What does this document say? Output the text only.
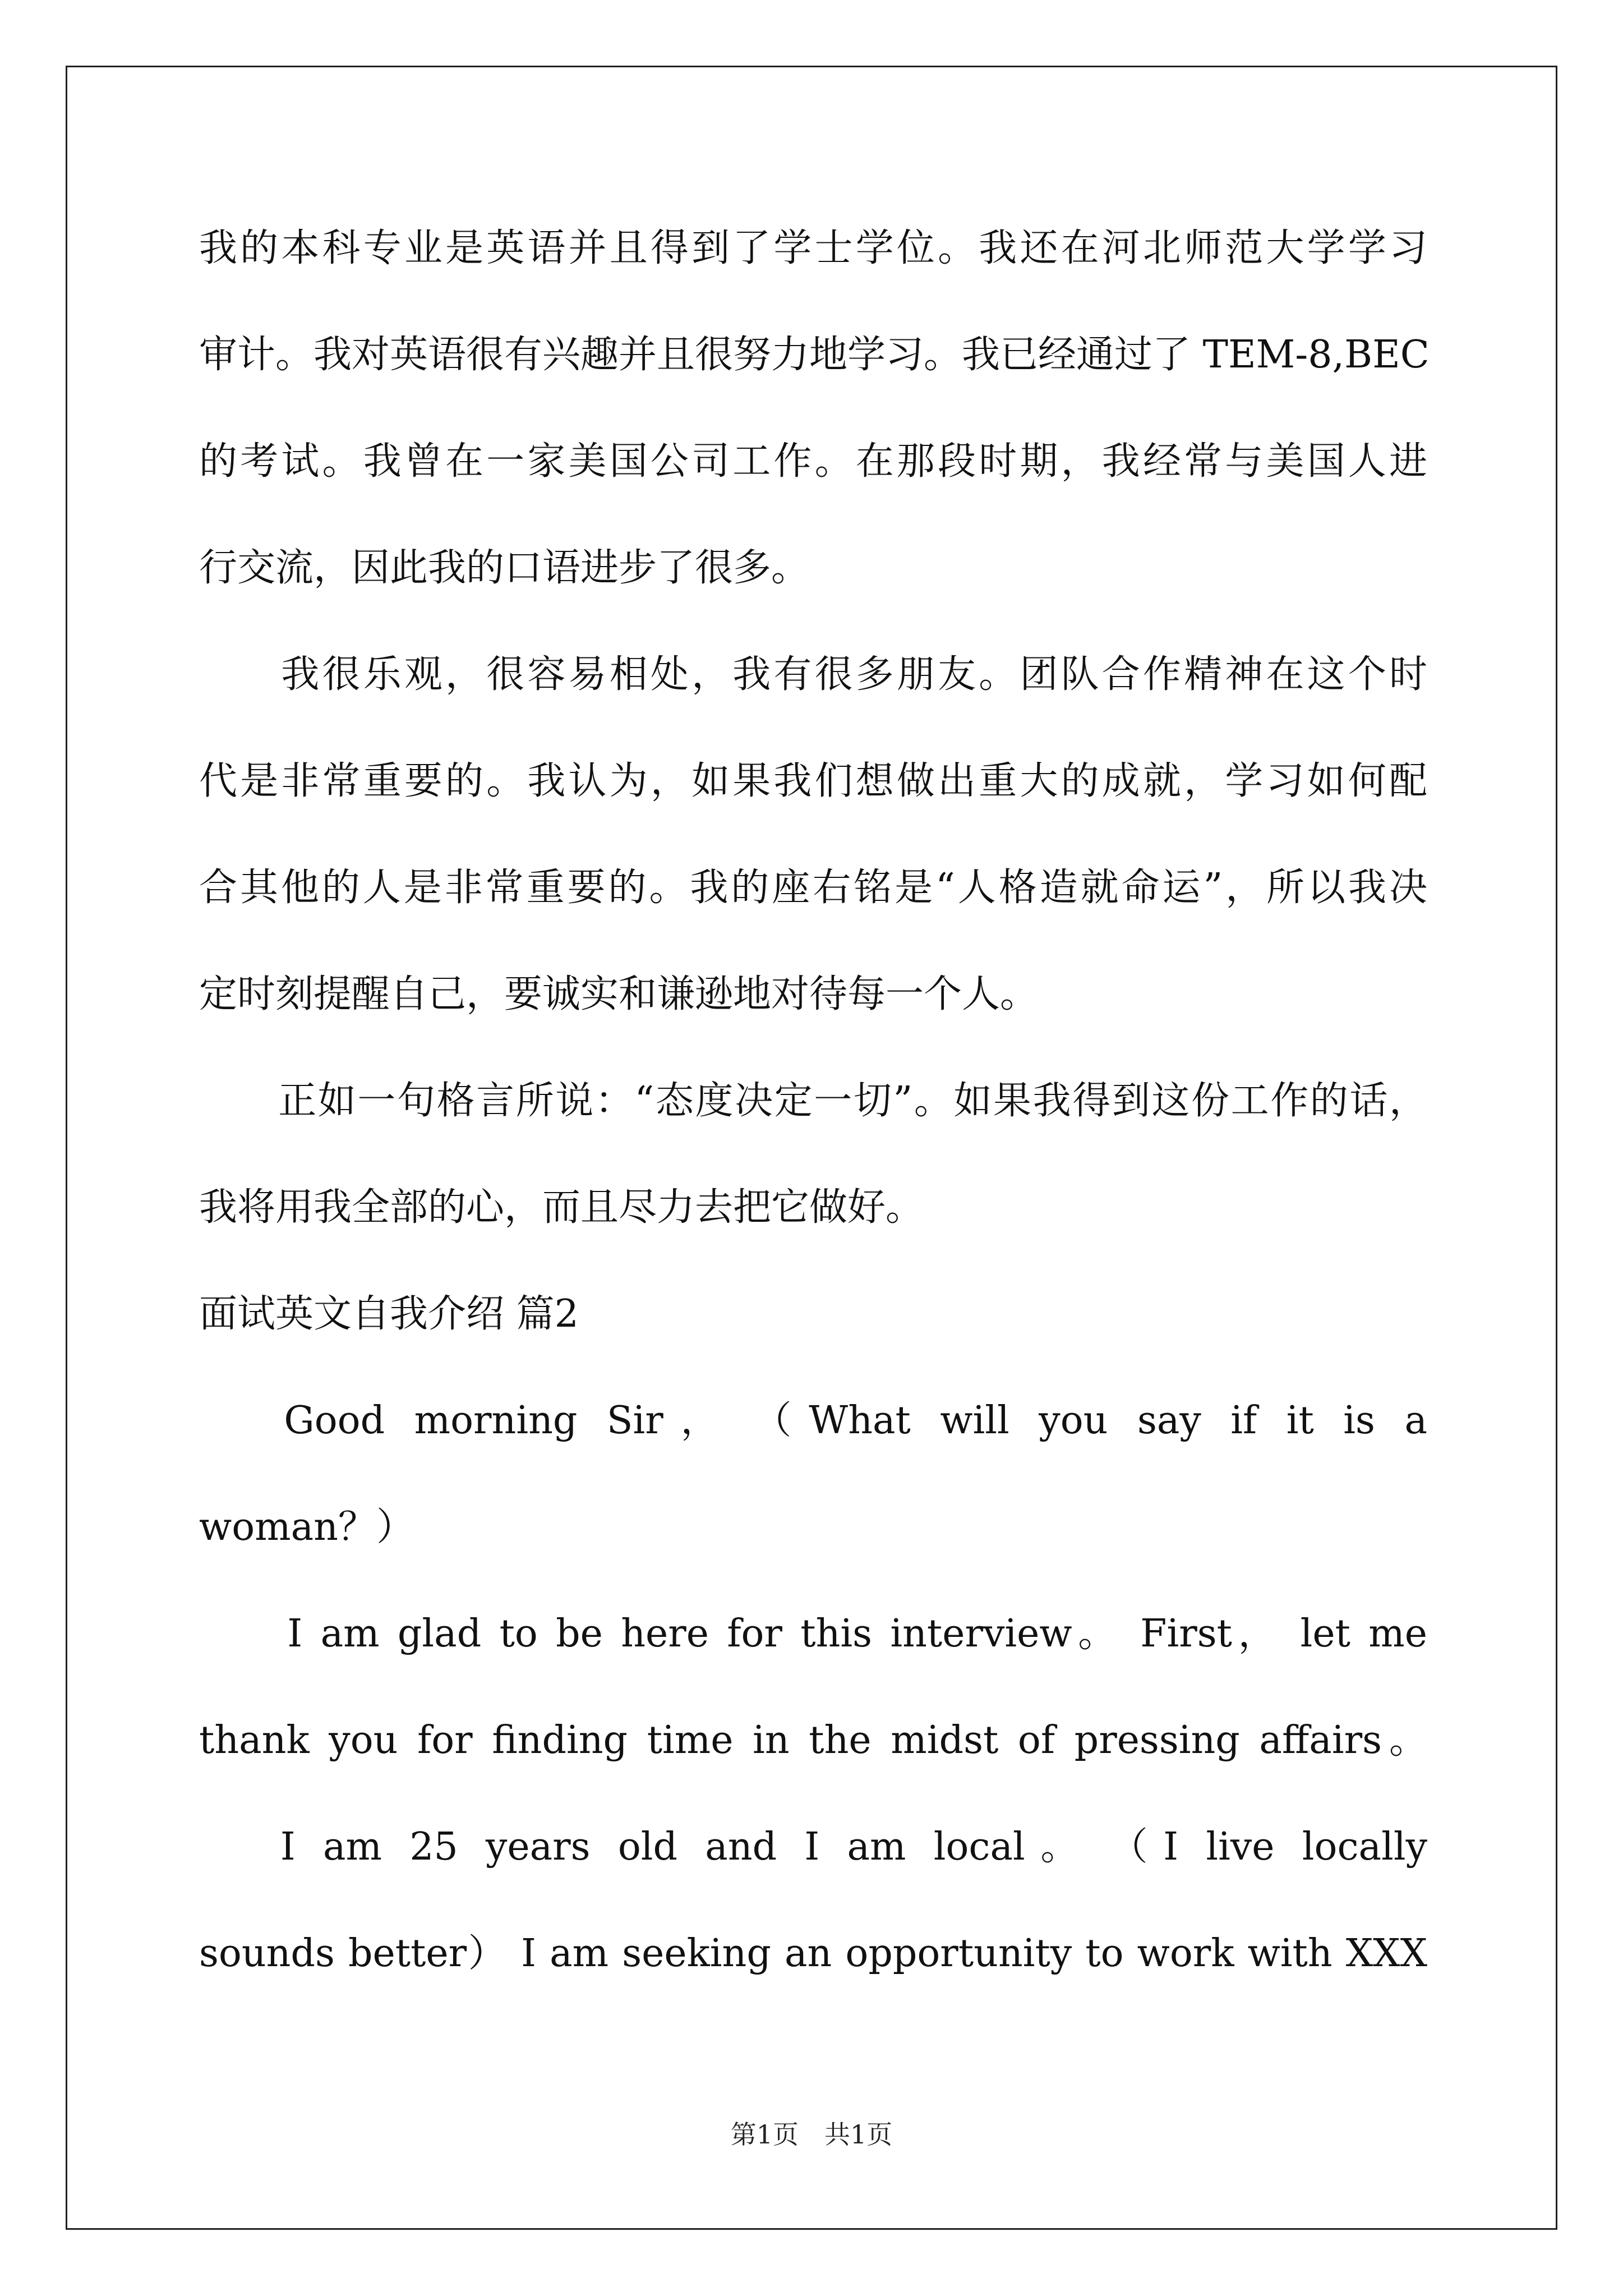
我的本科专业是英语并且得到了学士学位。我还在河北师范大学学习
审计。我对英语很有兴趣并且很努力地学习。我已经通过了 TEM-8,BEC
的考试。我曾在一家美国公司工作。在那段时期，我经常与美国人进
行交流，因此我的口语进步了很多。
　　我很乐观，很容易相处，我有很多朋友。团队合作精神在这个时
代是非常重要的。我认为，如果我们想做出重大的成就，学习如何配
合其他的人是非常重要的。我的座右铭是“人格造就命运”，所以我决
定时刻提醒自己，要诚实和谦逊地对待每一个人。
　　正如一句格言所说：“态度决定一切”。如果我得到这份工作的话，
我将用我全部的心，而且尽力去把它做好。
面试英文自我介绍 篇2
　 Good morning Sir，　（What will you say if it is a
woman？）
　　I am glad to be here for this interview。 First， let me
thank you for finding time in the midst of pressing affairs。
　 I am 25 years old and I am local。　（I live locally
sounds better） I am seeking an opportunity to work with XXX
第1页　共1页
